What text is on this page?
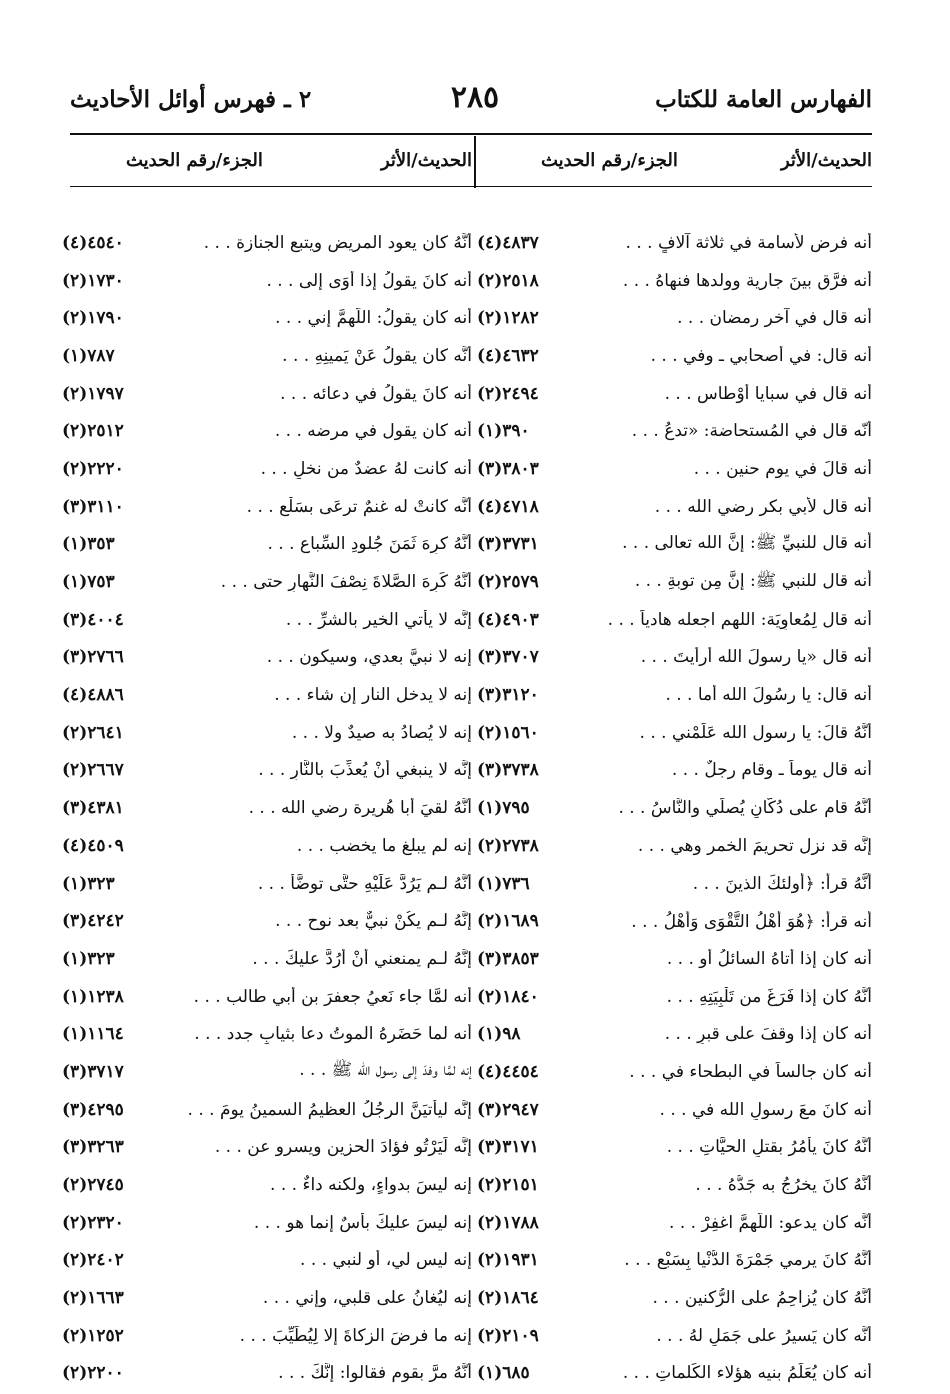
الفهارس العامة للكتاب
٢٨٥
٢ ـ فهرس أوائل الأحاديث
الحديث/الأثر
الجزء/رقم الحديث
أنه فرض لأسامة في ثلاثة آلافٍ . . .
(٤)٤٨٣٧
أنه فرَّق بينَ جارية وولدها فنهاهُ . . .
(٢)٢٥١٨
أنه قال في آخر رمضان . . .
(٢)١٢٨٢
أنه قال: في أصحابي ـ وفي . . .
(٤)٤٦٣٢
أنه قال في سبايا أوْطاسٍ . . .
(٢)٢٤٩٤
أنّه قال في المُستحاضة: «تدعُ . . .
(١)٣٩٠
أنه قالَ في يوم حنين . . .
(٣)٣٨٠٣
أنه قال لأبي بكر رضي الله . . .
(٤)٤٧١٨
أنه قال للنبيِّ ﷺ: إنَّ الله تعالى . . .
(٣)٣٧٣١
أنه قال للنبي ﷺ: إنَّ مِن توبةِ . . .
(٢)٢٥٧٩
أنه قال لِمُعاوِيَة: اللهم اجعله هادياً . . .
(٤)٤٩٠٣
أنه قال «يا رسولَ الله أرأيتَ . . .
(٣)٣٧٠٧
أنه قال: يا رسُولَ الله أما . . .
(٣)٣١٢٠
أنَّهُ قالَ: يا رسول الله عَلِّمْني . . .
(٢)١٥٦٠
أنه قال يوماً ـ وقام رجلٌ . . .
(٣)٣٧٣٨
أنَّهُ قام على دُكّانٍ يُصلِّي والنَّاسُ . . .
(١)٧٩٥
إنَّه قد نزل تحريمَ الخمر وهي . . .
(٢)٢٧٣٨
أنَّهُ قرأَ: ﴿أولئكَ الذينَ . . .
(١)٧٣٦
أنه قرأ: ﴿هُوَ أَهْلُ التَّقْوَى وَأَهْلُ . . .
(٢)١٦٨٩
أنه كان إذا أتاهُ السائلُ أو . . .
(٣)٣٨٥٣
أنَّهُ كان إذا فَرَغَ من تَلْبِيَتِهِ . . .
(٢)١٨٤٠
أنه كان إذا وقفَ على قبرٍ . . .
(١)٩٨
أنه كان جالساً في البطحاء في . . .
(٤)٤٤٥٤
أنه كانَ معَ رسولِ الله في . . .
(٣)٢٩٤٧
أنَّهُ كانَ يأمُرُ بقتلِ الحيَّاتِ . . .
(٣)٣١٧١
أنَّهُ كانَ يخرُجُ به جَدُّهُ . . .
(٢)٢١٥١
أنَّه كان يدعو: اللَّهمَّ اغفِرْ . . .
(٢)١٧٨٨
أنَّهُ كانَ يرمي جَمْرَةَ الدُّنْيا بِسَبْعِ . . .
(٢)١٩٣١
أنَّهُ كان يُزاحِمُ على الرُّكنين . . .
(٢)١٨٦٤
أنَّه كان يَسيرُ على جَمَلٍ لهُ . . .
(٢)٢١٠٩
أنه كان يُعَلِّمُ بنيه هؤلاء الكَلماتِ . . .
(١)٦٨٥
الحديث/الأثر
الجزء/رقم الحديث
أنَّهُ كان يعود المريض ويتبع الجنازة . . .
(٤)٤٥٤٠
أنه كانَ يقولُ إذا أوَى إلى . . .
(٢)١٧٣٠
أنه كان يقولُ: اللَّهمَّ إني . . .
(٢)١٧٩٠
أنَّه كان يقولُ عَنْ يَمينِهِ . . .
(١)٧٨٧
أنه كانَ يقولُ في دعائه . . .
(٢)١٧٩٧
أنه كان يقول في مرضه . . .
(٢)٢٥١٢
أنه كانت لهُ عضدٌ من نخلٍ . . .
(٢)٢٢٢٠
أنَّه كانتْ له غنمٌ ترعَى بسَلْعٍ . . .
(٣)٣١١٠
أنَّهُ كرِهَ ثَمَنَ جُلودِ السِّباعِ . . .
(١)٣٥٣
أنَّهُ كَرِهَ الصَّلاةَ نِصْفَ النَّهارِ حتى . . .
(١)٧٥٣
إنَّه لا يأتي الخير بالشرِّ . . .
(٣)٤٠٠٤
إنه لا نبيَّ بعدي، وسيكون . . .
(٣)٢٧٦٦
إنه لا يدخل النار إن شاء . . .
(٤)٤٨٨٦
إنه لا يُصادُ به صيدٌ ولا . . .
(٢)٢٦٤١
إنَّه لا ينبغي أنْ يُعذِّبَ بالنَّارِ . . .
(٢)٢٦٦٧
أنَّهُ لقيَ أبا هُريرة رضي الله . . .
(٣)٤٣٨١
إنه لم يبلغ ما يخضب . . .
(٤)٤٥٠٩
أنَّهُ لـم يَرُدَّ عَلَيْهِ حتَّى توضَّأ . . .
(١)٣٢٣
إنَّهُ لـم يكُنْ نبيٌّ بعد نوحٍ . . .
(٣)٤٢٤٢
إنَّهُ لـم يمنعني أنْ أرُدَّ عليكَ . . .
(١)٣٢٣
أنه لمَّا جاء نَعيُ جعفرَ بن أبي طالب . . .
(١)١٢٣٨
أنه لما حَضَرهُ الموتُ دعا بثيابٍ جدد . . .
(١)١١٦٤
إنه لمَّا وفدَ إلى رسول الله ﷺ . . .
(٣)٣٧١٧
إنَّه ليأتيَنَّ الرجُلُ العظيمُ السمينُ يومَ . . .
(٣)٤٢٩٥
إنَّه لَيَرْتُو فؤادَ الحزينِ ويسرو عن . . .
(٣)٣٢٦٣
إنه ليسَ بدواءٍ، ولكنه داءٌ . . .
(٢)٢٧٤٥
إنه ليسَ عليكَ بأسٌ إنما هو . . .
(٢)٢٣٢٠
إنه ليس لي، أو لنبي . . .
(٢)٢٤٠٢
إنه ليُغانُ على قلبي، وإني . . .
(٢)١٦٦٣
إنه ما فرضَ الزكاةَ إلا لِيُطَيِّبَ . . .
(٢)١٢٥٢
أنَّهُ مرَّ بقومٍ فقالوا: إنَّكَ . . .
(٢)٢٢٠٠
